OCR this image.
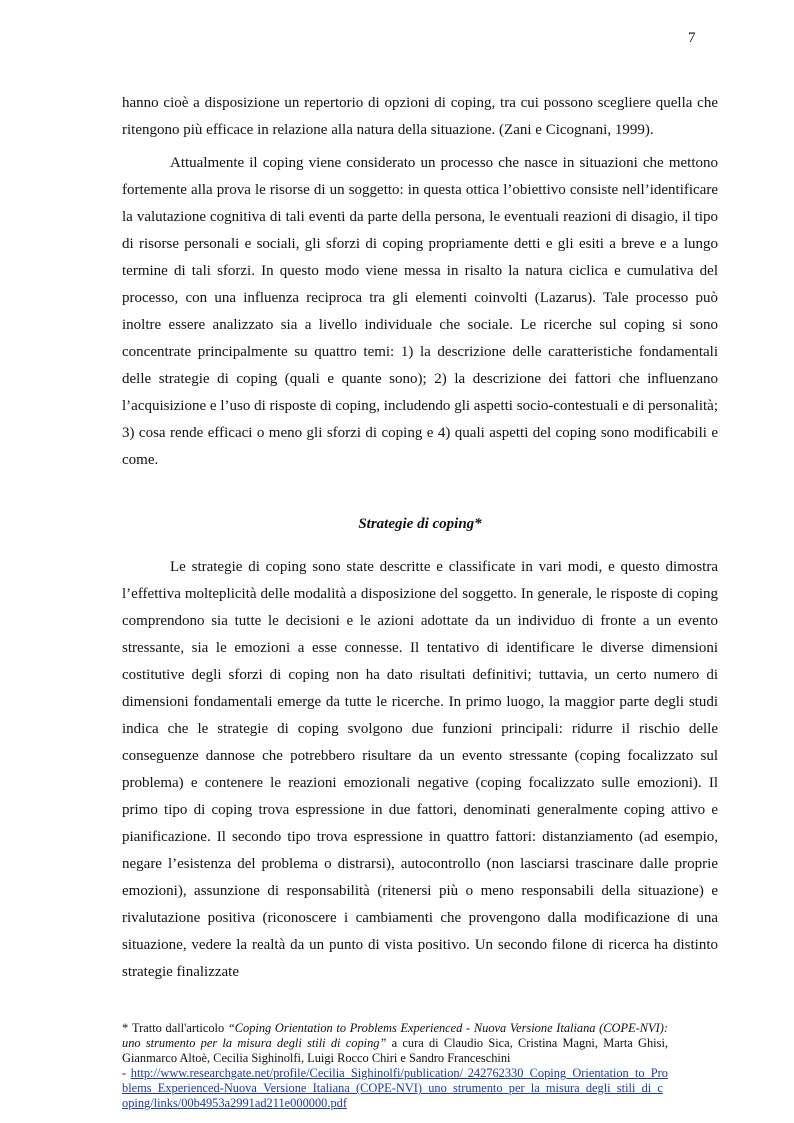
7

hanno cioè a disposizione un repertorio di opzioni di coping, tra cui possono scegliere quella che ritengono più efficace in relazione alla natura della situazione. (Zani e Cicognani, 1999).

Attualmente il coping viene considerato un processo che nasce in situazioni che mettono fortemente alla prova le risorse di un soggetto: in questa ottica l’obiettivo consiste nell’identificare la valutazione cognitiva di tali eventi da parte della persona, le eventuali reazioni di disagio, il tipo di risorse personali e sociali, gli sforzi di coping propriamente detti e gli esiti a breve e a lungo termine di tali sforzi. In questo modo viene messa in risalto la natura ciclica e cumulativa del processo, con una influenza reciproca tra gli elementi coinvolti (Lazarus). Tale processo può inoltre essere analizzato sia a livello individuale che sociale. Le ricerche sul coping si sono concentrate principalmente su quattro temi: 1) la descrizione delle caratteristiche fondamentali delle strategie di coping (quali e quante sono); 2) la descrizione dei fattori che influenzano l’acquisizione e l’uso di risposte di coping, includendo gli aspetti socio-contestuali e di personalità; 3) cosa rende efficaci o meno gli sforzi di coping e 4) quali aspetti del coping sono modificabili e come.

Strategie di coping*

Le strategie di coping sono state descritte e classificate in vari modi, e questo dimostra l’effettiva molteplicità delle modalità a disposizione del soggetto. In generale, le risposte di coping comprendono sia tutte le decisioni e le azioni adottate da un individuo di fronte a un evento stressante, sia le emozioni a esse connesse. Il tentativo di identificare le diverse dimensioni costitutive degli sforzi di coping non ha dato risultati definitivi; tuttavia, un certo numero di dimensioni fondamentali emerge da tutte le ricerche. In primo luogo, la maggior parte degli studi indica che le strategie di coping svolgono due funzioni principali: ridurre il rischio delle conseguenze dannose che potrebbero risultare da un evento stressante (coping focalizzato sul problema) e contenere le reazioni emozionali negative (coping focalizzato sulle emozioni). Il primo tipo di coping trova espressione in due fattori, denominati generalmente coping attivo e pianificazione. Il secondo tipo trova espressione in quattro fattori: distanziamento (ad esempio, negare l’esistenza del problema o distrarsi), autocontrollo (non lasciarsi trascinare dalle proprie emozioni), assunzione di responsabilità (ritenersi più o meno responsabili della situazione) e rivalutazione positiva (riconoscere i cambiamenti che provengono dalla modificazione di una situazione, vedere la realtà da un punto di vista positivo. Un secondo filone di ricerca ha distinto strategie finalizzate

* Tratto dall'articolo “Coping Orientation to Problems Experienced - Nuova Versione Italiana (COPE-NVI): uno strumento per la misura degli stili di coping” a cura di Claudio Sica, Cristina Magni, Marta Ghisi, Gianmarco Altoè, Cecilia Sighinolfi, Luigi Rocco Chiri e Sandro Franceschini
- http://www.researchgate.net/profile/Cecilia_Sighinolfi/publication/ 242762330_Coping_Orientation_to_Problems_Experienced-Nuova_Versione_Italiana_(COPE-NVI)_uno_strumento_per_la_misura_degli_stili_di_coping/links/00b4953a2991ad211e000000.pdf
